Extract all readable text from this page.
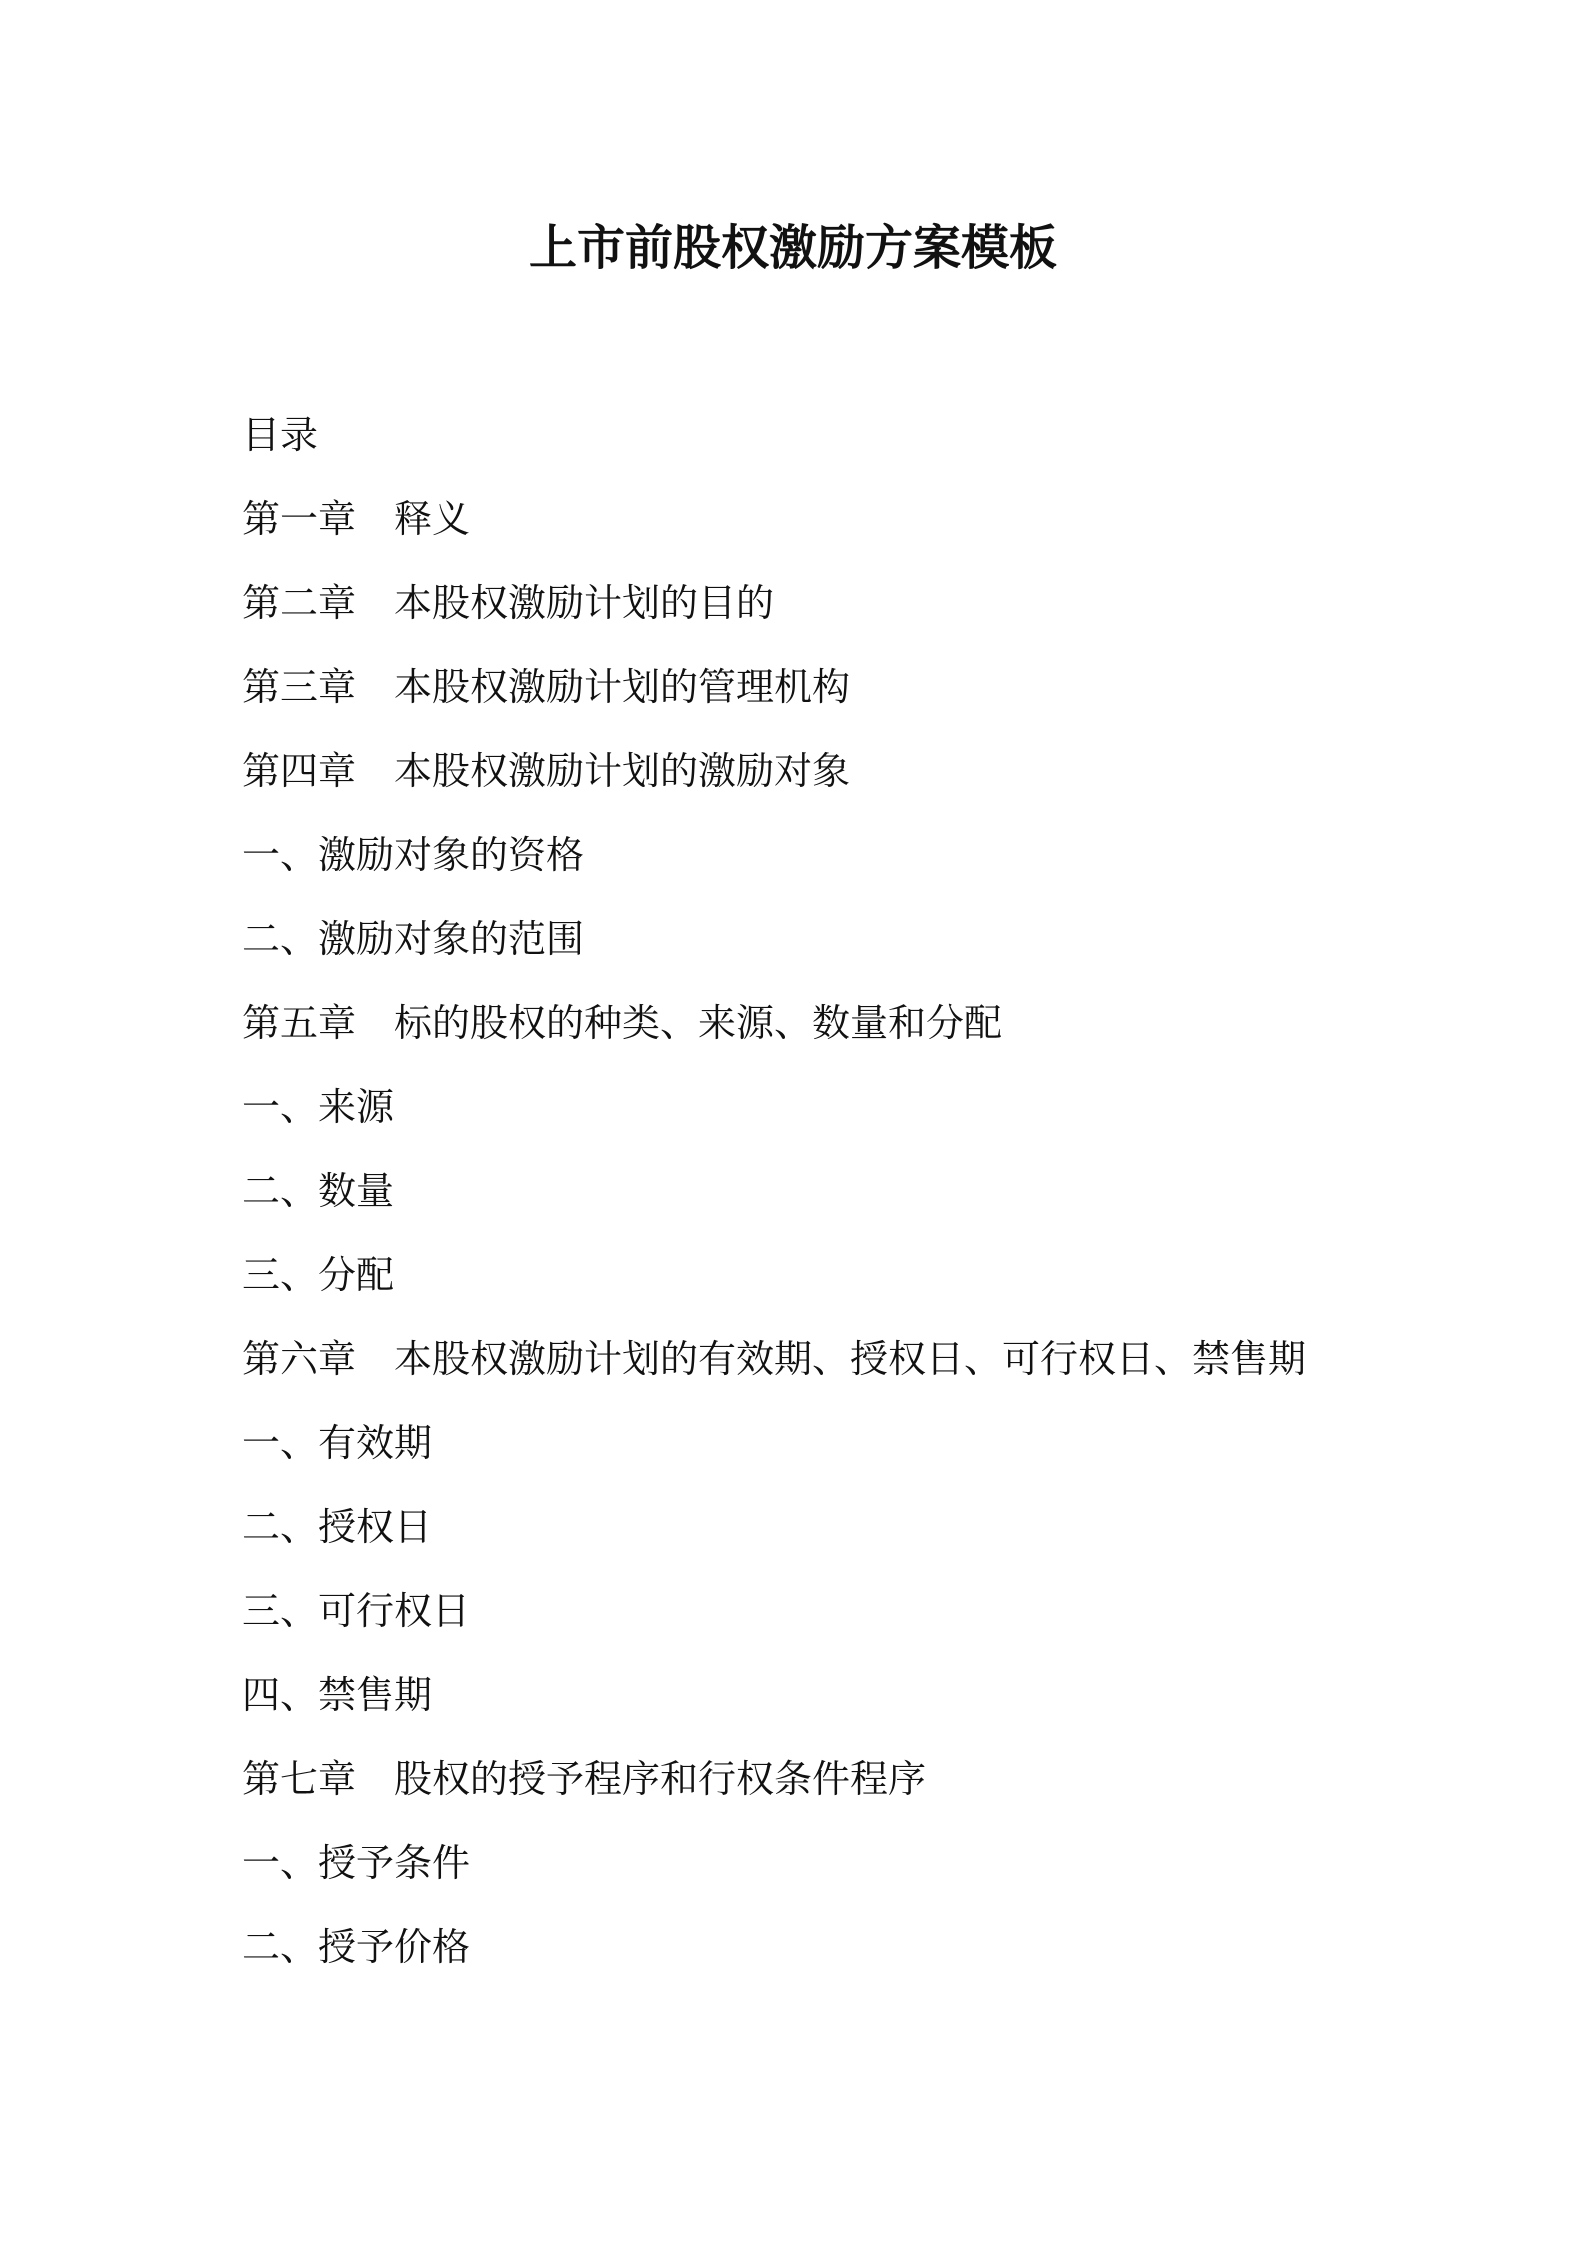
上市前股权激励方案模板
目录
第一章 释义
第二章 本股权激励计划的目的
第三章 本股权激励计划的管理机构
第四章 本股权激励计划的激励对象
一、激励对象的资格
二、激励对象的范围
第五章 标的股权的种类、来源、数量和分配
一、来源
二、数量
三、分配
第六章 本股权激励计划的有效期、授权日、可行权日、禁售期
一、有效期
二、授权日
三、可行权日
四、禁售期
第七章 股权的授予程序和行权条件程序
一、授予条件
二、授予价格
